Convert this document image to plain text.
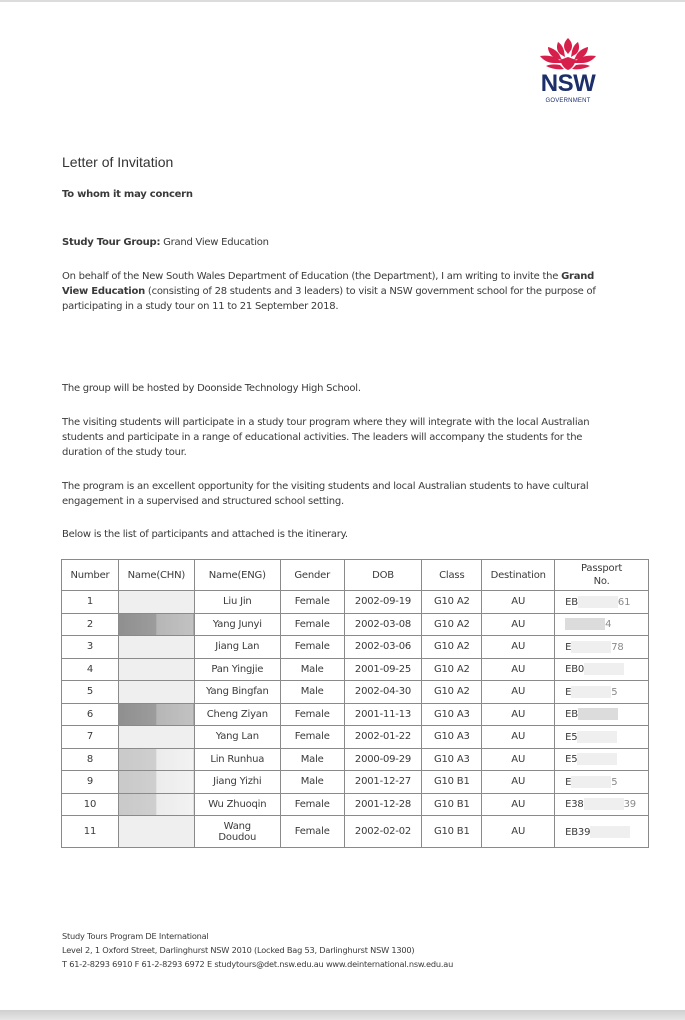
NSW
GOVERNMENT
Letter of Invitation
To whom it may concern
Study Tour Group: Grand View Education
On behalf of the New South Wales Department of Education (the Department), I am writing to invite the Grand View Education (consisting of 28 students and 3 leaders) to visit a NSW government school for the purpose of participating in a study tour on 11 to 21 September 2018.
The group will be hosted by Doonside Technology High School.
The visiting students will participate in a study tour program where they will integrate with the local Australian students and participate in a range of educational activities. The leaders will accompany the students for the duration of the study tour.
The program is an excellent opportunity for the visiting students and local Australian students to have cultural engagement in a supervised and structured school setting.
Below is the list of participants and attached is the itinerary.
Number	Name(CHN)	Name(ENG)	Gender	DOB	Class	Destination	Passport
No.
1		Liu Jin	Female	2002-09-19	G10 A2	AU	EB 61
2		Yang Junyi	Female	2002-03-08	G10 A2	AU	4
3		Jiang Lan	Female	2002-03-06	G10 A2	AU	E 78
4		Pan Yingjie	Male	2001-09-25	G10 A2	AU	EB0
5		Yang Bingfan	Male	2002-04-30	G10 A2	AU	E 5
6		Cheng Ziyan	Female	2001-11-13	G10 A3	AU	EB
7		Yang Lan	Female	2002-01-22	G10 A3	AU	E5
8		Lin Runhua	Male	2000-09-29	G10 A3	AU	E5
9		Jiang Yizhi	Male	2001-12-27	G10 B1	AU	E 5
10		Wu Zhuoqin	Female	2001-12-28	G10 B1	AU	E38 39
11		Wang Doudou	Female	2002-02-02	G10 B1	AU	EB39
Study Tours Program DE International
Level 2, 1 Oxford Street, Darlinghurst NSW 2010 (Locked Bag 53, Darlinghurst NSW 1300)
T 61-2-8293 6910 F 61-2-8293 6972 E studytours@det.nsw.edu.au www.deinternational.nsw.edu.au
